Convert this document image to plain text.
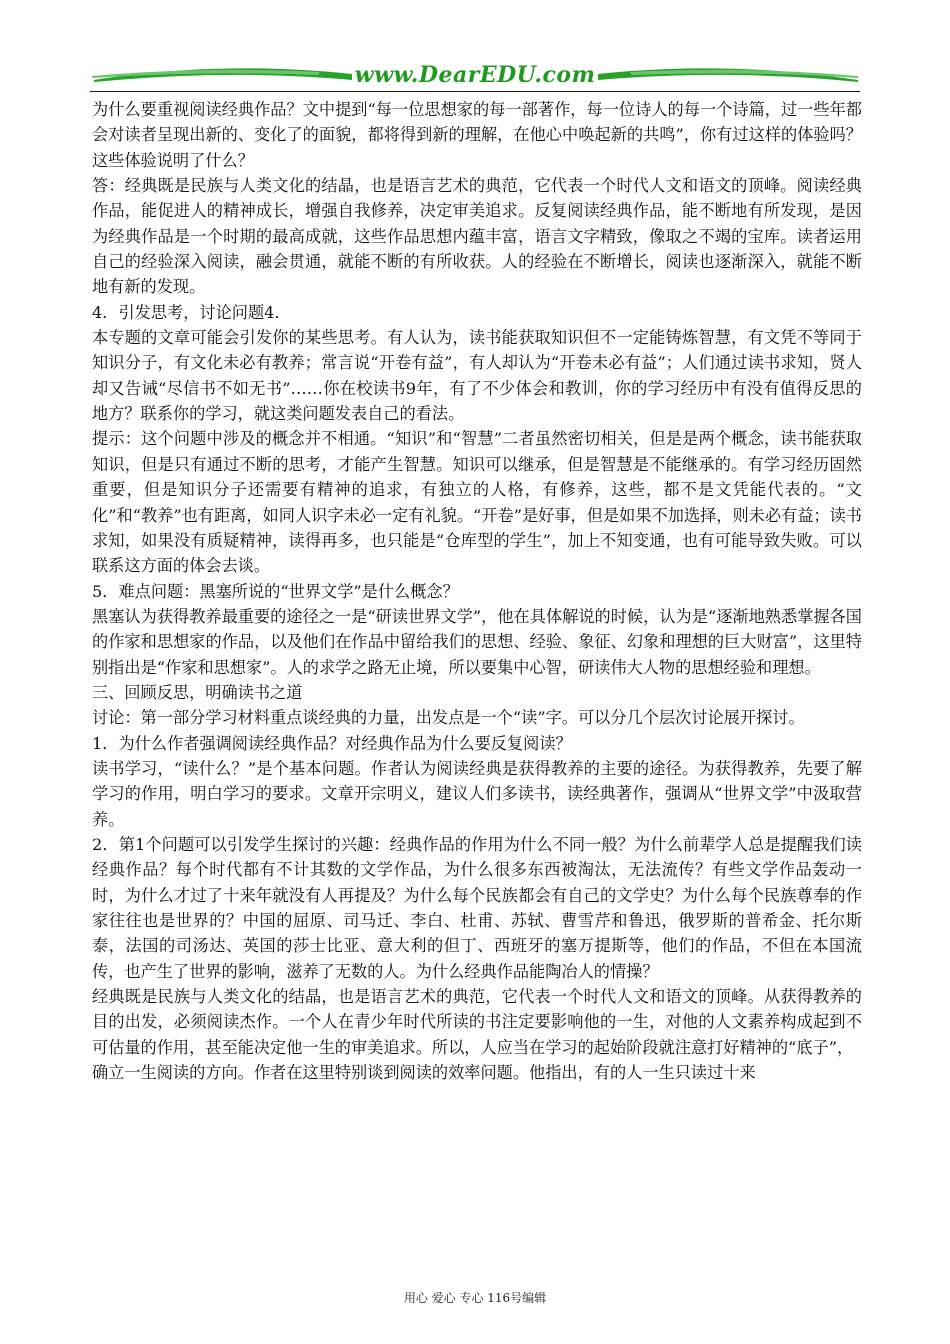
www.DearEDU.com

为什么要重视阅读经典作品？文中提到“每一位思想家的每一部著作，每一位诗人的每一个诗篇，过一些年都会对读者呈现出新的、变化了的面貌，都将得到新的理解，在他心中唤起新的共鸣”，你有过这样的体验吗？这些体验说明了什么？

答：经典既是民族与人类文化的结晶，也是语言艺术的典范，它代表一个时代人文和语文的顶峰。阅读经典作品，能促进人的精神成长，增强自我修养，决定审美追求。反复阅读经典作品，能不断地有所发现，是因为经典作品是一个时期的最高成就，这些作品思想内蕴丰富，语言文字精致，像取之不竭的宝库。读者运用自己的经验深入阅读，融会贯通，就能不断的有所收获。人的经验在不断增长，阅读也逐渐深入，就能不断地有新的发现。

4．引发思考，讨论问题4．

本专题的文章可能会引发你的某些思考。有人认为，读书能获取知识但不一定能铸炼智慧，有文凭不等同于知识分子，有文化未必有教养；常言说“开卷有益”，有人却认为“开卷未必有益”；人们通过读书求知，贤人却又告诫“尽信书不如无书”……你在校读书9年，有了不少体会和教训，你的学习经历中有没有值得反思的地方？联系你的学习，就这类问题发表自己的看法。

提示：这个问题中涉及的概念并不相通。“知识”和“智慧”二者虽然密切相关，但是是两个概念，读书能获取知识，但是只有通过不断的思考，才能产生智慧。知识可以继承，但是智慧是不能继承的。有学习经历固然重要，但是知识分子还需要有精神的追求，有独立的人格，有修养，这些，都不是文凭能代表的。“文化”和“教养”也有距离，如同人识字未必一定有礼貌。“开卷”是好事，但是如果不加选择，则未必有益；读书求知，如果没有质疑精神，读得再多，也只能是“仓库型的学生”，加上不知变通，也有可能导致失败。可以联系这方面的体会去谈。

5．难点问题：黑塞所说的“世界文学”是什么概念？

黑塞认为获得教养最重要的途径之一是“研读世界文学”，他在具体解说的时候，认为是“逐渐地熟悉掌握各国的作家和思想家的作品，以及他们在作品中留给我们的思想、经验、象征、幻象和理想的巨大财富”，这里特别指出是“作家和思想家”。人的求学之路无止境，所以要集中心智，研读伟大人物的思想经验和理想。

三、回顾反思，明确读书之道

讨论：第一部分学习材料重点谈经典的力量，出发点是一个“读”字。可以分几个层次讨论展开探讨。

1．为什么作者强调阅读经典作品？对经典作品为什么要反复阅读？

读书学习，“读什么？”是个基本问题。作者认为阅读经典是获得教养的主要的途径。为获得教养，先要了解学习的作用，明白学习的要求。文章开宗明义，建议人们多读书，读经典著作，强调从“世界文学”中汲取营养。

2．第1个问题可以引发学生探讨的兴趣：经典作品的作用为什么不同一般？为什么前辈学人总是提醒我们读经典作品？每个时代都有不计其数的文学作品，为什么很多东西被淘汰，无法流传？有些文学作品轰动一时，为什么才过了十来年就没有人再提及？为什么每个民族都会有自己的文学史？为什么每个民族尊奉的作家往往也是世界的？中国的屈原、司马迁、李白、杜甫、苏轼、曹雪芹和鲁迅，俄罗斯的普希金、托尔斯泰，法国的司汤达、英国的莎士比亚、意大利的但丁、西班牙的塞万提斯等，他们的作品，不但在本国流传，也产生了世界的影响，滋养了无数的人。为什么经典作品能陶冶人的情操？

经典既是民族与人类文化的结晶，也是语言艺术的典范，它代表一个时代人文和语文的顶峰。从获得教养的目的出发，必须阅读杰作。一个人在青少年时代所读的书注定要影响他的一生，对他的人文素养构成起到不可估量的作用，甚至能决定他一生的审美追求。所以，人应当在学习的起始阶段就注意打好精神的“底子”，

确立一生阅读的方向。作者在这里特别谈到阅读的效率问题。他指出，有的人一生只读过十来

用心 爱心 专心 116号编辑
